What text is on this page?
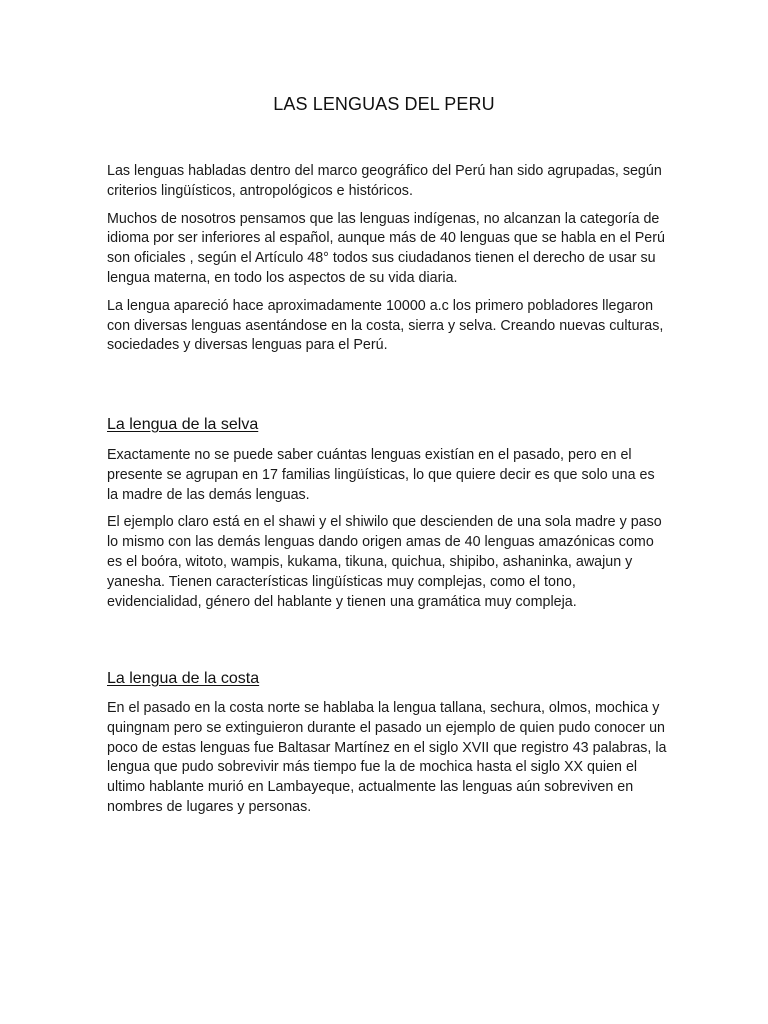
LAS LENGUAS DEL PERU

Las lenguas habladas dentro del marco geográfico del Perú han sido agrupadas, según criterios lingüísticos, antropológicos e históricos.

Muchos de nosotros pensamos que las lenguas indígenas, no alcanzan la categoría de idioma por ser inferiores al español, aunque más de 40 lenguas que se habla en el Perú son oficiales , según el Artículo 48° todos sus ciudadanos tienen el derecho de usar su lengua materna, en todo los aspectos de su vida diaria.

La lengua apareció hace aproximadamente 10000 a.c los primero pobladores llegaron con diversas lenguas asentándose en la costa, sierra y selva. Creando nuevas culturas, sociedades y diversas lenguas para el Perú.

La lengua de la selva

Exactamente no se puede saber cuántas lenguas existían en el pasado, pero en el presente se agrupan en 17 familias lingüísticas, lo que quiere decir es que solo una es la madre de las demás lenguas.

El ejemplo claro está en el shawi y el shiwilo que descienden de una sola madre y paso lo mismo con las demás lenguas dando origen amas de 40 lenguas amazónicas como es el boóra, witoto, wampis, kukama, tikuna, quichua, shipibo, ashaninka, awajun y yanesha. Tienen características lingüísticas muy complejas, como el tono, evidencialidad, género del hablante y tienen una gramática muy compleja.

La lengua de la costa

En el pasado en la costa norte se hablaba la lengua tallana, sechura, olmos, mochica y quingnam pero se extinguieron durante el pasado un ejemplo de quien pudo conocer un poco de estas lenguas fue Baltasar Martínez en el siglo XVII que registro 43 palabras, la lengua que pudo sobrevivir más tiempo fue la de mochica hasta el siglo XX quien el ultimo hablante murió en Lambayeque, actualmente las lenguas aún sobreviven en nombres de lugares y personas.
